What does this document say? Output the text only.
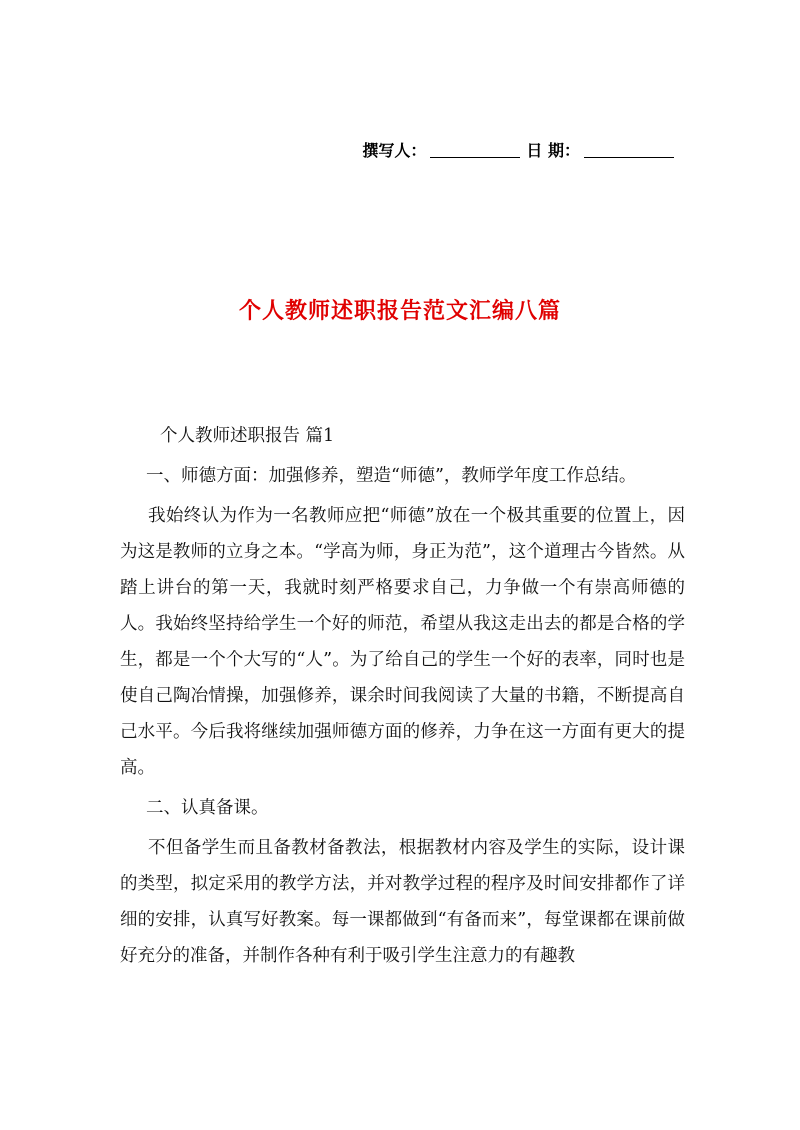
撰写人：	日 期：
个人教师述职报告范文汇编八篇

个人教师述职报告 篇1

一、师德方面：加强修养，塑造“师德”，教师学年度工作总结。

我始终认为作为一名教师应把“师德”放在一个极其重要的位置上，因为这是教师的立身之本。“学高为师，身正为范”，这个道理古今皆然。从踏上讲台的第一天，我就时刻严格要求自己，力争做一个有崇高师德的人。我始终坚持给学生一个好的师范，希望从我这走出去的都是合格的学生，都是一个个大写的“人”。为了给自己的学生一个好的表率，同时也是使自己陶冶情操，加强修养，课余时间我阅读了大量的书籍，不断提高自己水平。今后我将继续加强师德方面的修养，力争在这一方面有更大的提高。

二、认真备课。

不但备学生而且备教材备教法，根据教材内容及学生的实际，设计课的类型，拟定采用的教学方法，并对教学过程的程序及时间安排都作了详细的安排，认真写好教案。每一课都做到“有备而来”，每堂课都在课前做好充分的准备，并制作各种有利于吸引学生注意力的有趣教
